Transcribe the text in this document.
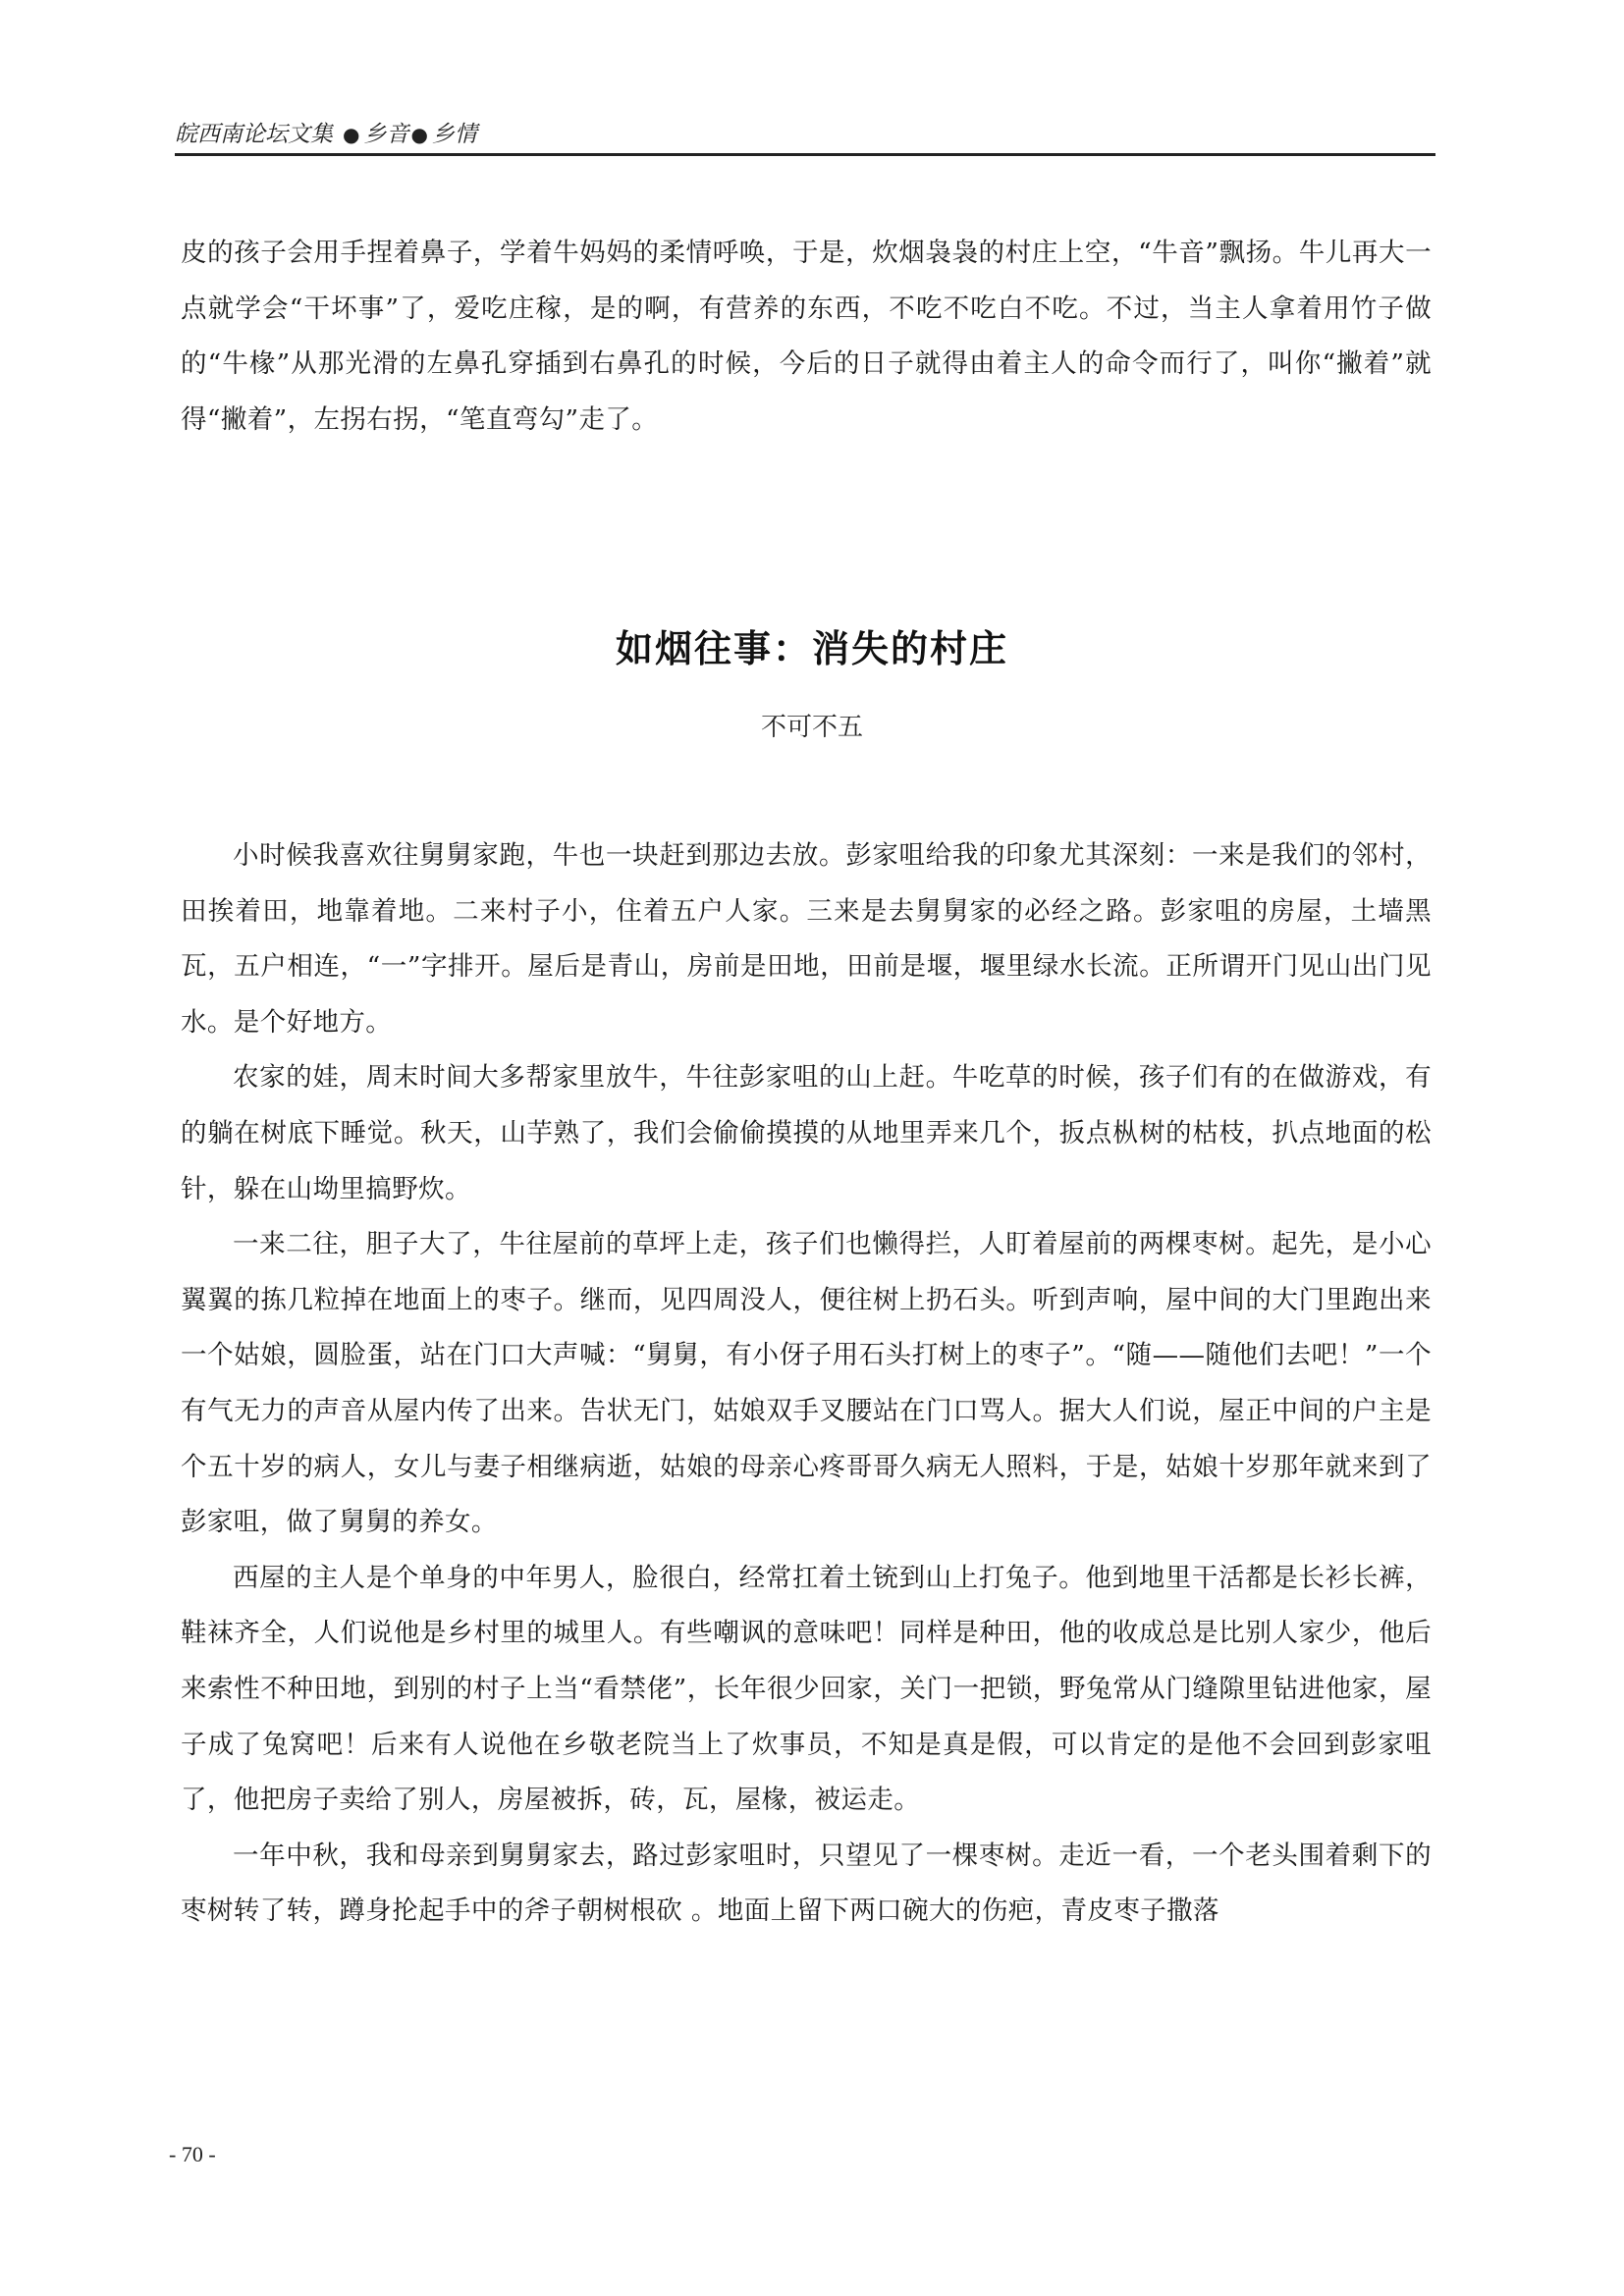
皖西南论坛文集 ● 乡音 ● 乡情

皮的孩子会用手捏着鼻子，学着牛妈妈的柔情呼唤，于是，炊烟袅袅的村庄上空，“牛音”飘扬。牛儿再大一点就学会“干坏事”了，爱吃庄稼，是的啊，有营养的东西，不吃不吃白不吃。不过，当主人拿着用竹子做的“牛椽”从那光滑的左鼻孔穿插到右鼻孔的时候，今后的日子就得由着主人的命令而行了，叫你“撇着”就得“撇着”，左拐右拐，“笔直弯勾”走了。

如烟往事：消失的村庄
不可不五

小时候我喜欢往舅舅家跑，牛也一块赶到那边去放。彭家咀给我的印象尤其深刻：一来是我们的邻村，田挨着田，地靠着地。二来村子小，住着五户人家。三来是去舅舅家的必经之路。彭家咀的房屋，土墙黑瓦，五户相连，“一”字排开。屋后是青山，房前是田地，田前是堰，堰里绿水长流。正所谓开门见山出门见水。是个好地方。

农家的娃，周末时间大多帮家里放牛，牛往彭家咀的山上赶。牛吃草的时候，孩子们有的在做游戏，有的躺在树底下睡觉。秋天，山芋熟了，我们会偷偷摸摸的从地里弄来几个，扳点枞树的枯枝，扒点地面的松针，躲在山坳里搞野炊。

一来二往，胆子大了，牛往屋前的草坪上走，孩子们也懒得拦，人盯着屋前的两棵枣树。起先，是小心翼翼的拣几粒掉在地面上的枣子。继而，见四周没人，便往树上扔石头。听到声响，屋中间的大门里跑出来一个姑娘，圆脸蛋，站在门口大声喊：“舅舅，有小伢子用石头打树上的枣子”。“随——随他们去吧！”一个有气无力的声音从屋内传了出来。告状无门，姑娘双手叉腰站在门口骂人。据大人们说，屋正中间的户主是个五十岁的病人，女儿与妻子相继病逝，姑娘的母亲心疼哥哥久病无人照料，于是，姑娘十岁那年就来到了彭家咀，做了舅舅的养女。

西屋的主人是个单身的中年男人，脸很白，经常扛着土铳到山上打兔子。他到地里干活都是长衫长裤，鞋袜齐全，人们说他是乡村里的城里人。有些嘲讽的意味吧！同样是种田，他的收成总是比别人家少，他后来索性不种田地，到别的村子上当“看禁佬”，长年很少回家，关门一把锁，野兔常从门缝隙里钻进他家，屋子成了兔窝吧！后来有人说他在乡敬老院当上了炊事员，不知是真是假，可以肯定的是他不会回到彭家咀了，他把房子卖给了别人，房屋被拆，砖，瓦，屋椽，被运走。

一年中秋，我和母亲到舅舅家去，路过彭家咀时，只望见了一棵枣树。走近一看，一个老头围着剩下的枣树转了转，蹲身抡起手中的斧子朝树根砍 。地面上留下两口碗大的伤疤，青皮枣子撒落

- 70 -
